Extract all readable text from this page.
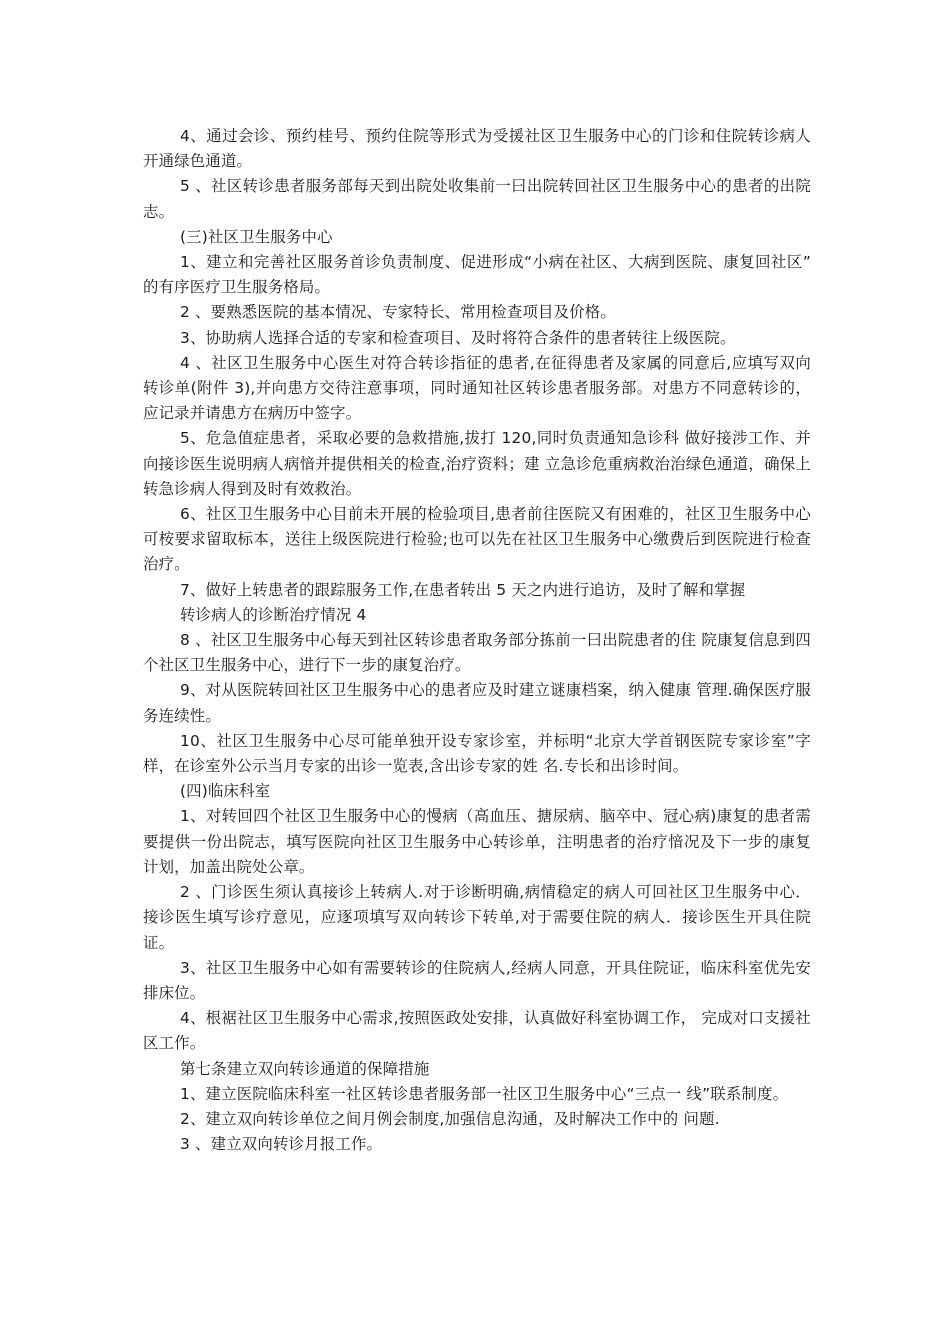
4、通过会诊、预约桂号、预约住院等形式为受援社区卫生服务中心的门诊和住院转诊病人开通绿色通道。

5 、社区转诊患者服务部每天到出院处收集前一曰出院转回社区卫生服务中心的患者的出院志。

(三)社区卫生服务中心

1、建立和完善社区服务首诊负责制度、促进形成“小病在社区、大病到医院、康复回社区” 的有序医疗卫生服务格局。

2 、要熟悉医院的基本情况、专家特长、常用检查项目及价格。

3、协助病人选择合适的专家和检查项目、及时将符合条件的患者转往上级医院。

4 、社区卫生服务中心医生对符合转诊指征的患者,在征得患者及家属的同意后,应填写双向转诊单(附件 3),并向患方交待注意事项，同时通知社区转诊患者服务部。对患方不同意转诊的，应记录并请患方在病历中签字。

5、危急值症患者，采取必要的急救措施,拔打 120,同时负责通知急诊科 做好接涉工作、并向接诊医生说明病人病愔并提供相关的检查,治疗资料；建 立急诊危重病救治治绿色通道，确保上转急诊病人得到及时有效救治。

6、社区卫生服务中心目前未开展的检验项目,患者前往医院又有困难的，社区卫生服务中心可桉要求留取标本，送往上级医院进行检验;也可以先在社区卫生服务中心缴费后到医院进行检查治疗。

7、做好上转患者的跟踪服务工作,在患者转出 5 天之内进行追访，及时了解和掌握

转诊病人的诊断治疗情况 4

8 、社区卫生服务中心每天到社区转诊患者取务部分拣前一曰出院患者的住 院康复信息到四个社区卫生服务中心，进行下一步的康复治疗。

9、对从医院转回社区卫生服务中心的患者应及时建立谜康档案，纳入健康 管理.确保医疗服务连续性。

10、社区卫生服务中心尽可能单独开设专家诊室，并标明“北京大学首钢医院专家诊室”字样，在诊室外公示当月专家的出诊一览表,含出诊专家的姓 名.专长和出诊时间。

(四)临床科室

1、对转回四个社区卫生服务中心的慢病（高血压、搪尿病、脑卒中、冠心病)康复的患者需要提供一份出院志，填写医院向社区卫生服务中心转诊单，注明患者的治疗愔况及下一步的康复计划，加盖出院处公章。

2 、门诊医生须认真接诊上转病人.对于诊断明确,病情稳定的病人可回社区卫生服务中心．接诊医生填写诊疗意见，应逐项填写双向转诊下转单,对于需要住院的病人．接诊医生开具住院证。

3、社区卫生服务中心如有需要转诊的住院病人,经病人同意，开具住院证，临床科室优先安排床位。

4、根裾社区卫生服务中心需求,按照医政处安排，认真做好科室协调工作， 完成对口支援社区工作。

第七条建立双向转诊通道的保障措施

1、建立医院临床科室一社区转诊患者服务部一社区卫生服务中心“三点一 线”联系制度。

2、建立双向转诊单位之间月例会制度,加强信息沟通，及时解决工作中的 问题.

3 、建立双向转诊月报工作。
